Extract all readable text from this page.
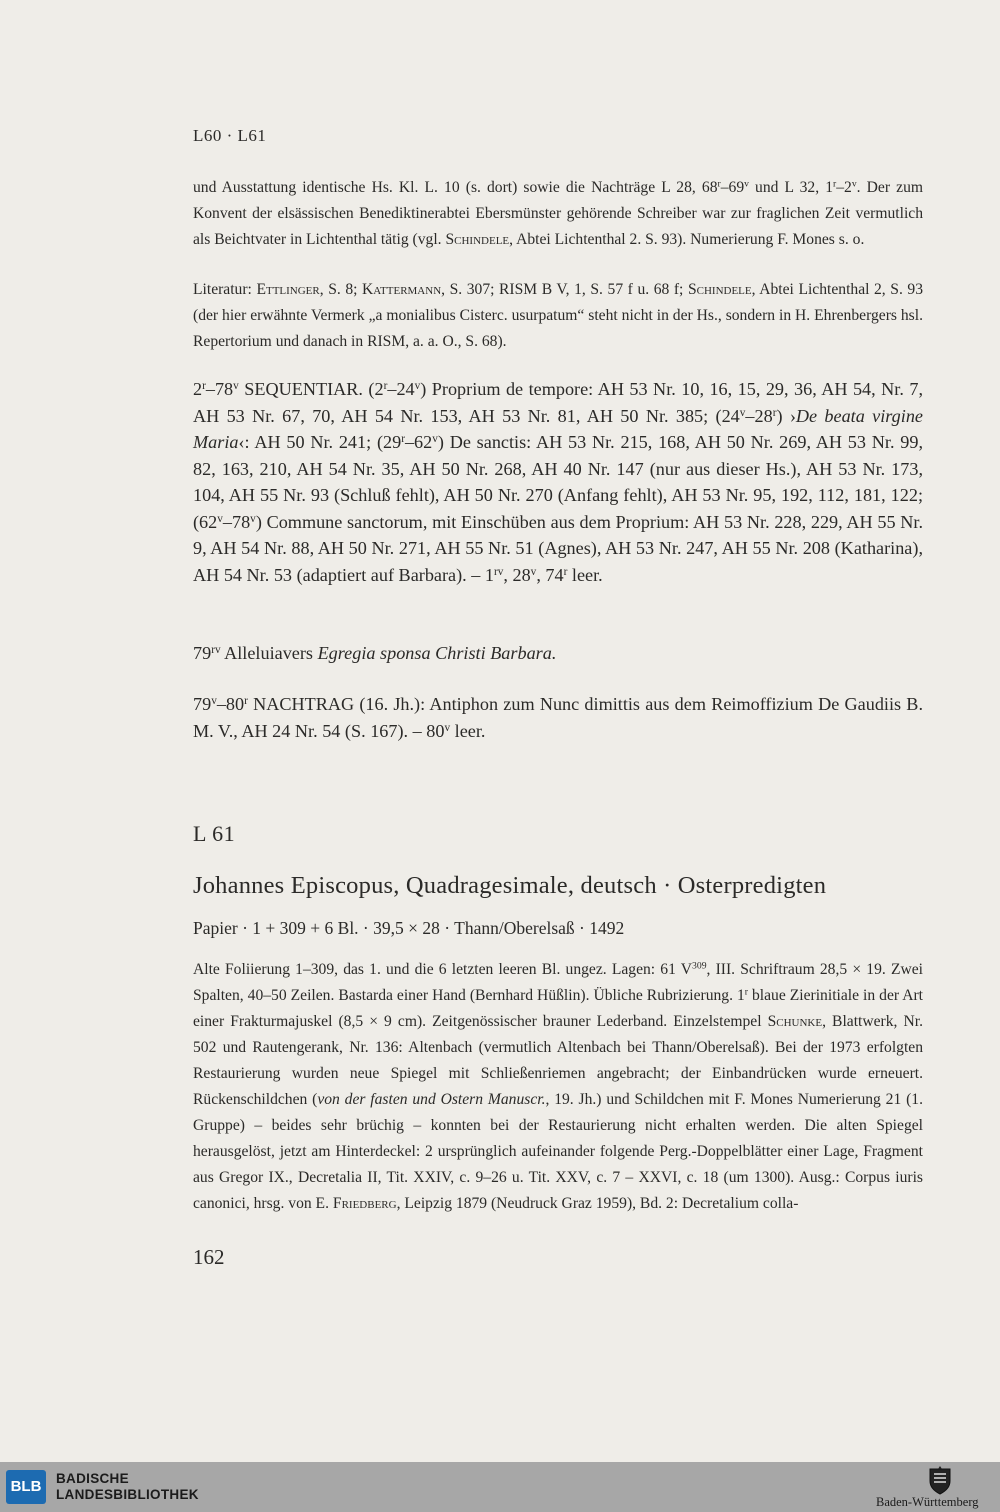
L60 · L61

und Ausstattung identische Hs. Kl. L. 10 (s. dort) sowie die Nachträge L 28, 68$^r$–69$^v$ und L 32, 1$^r$–2$^v$. Der zum Konvent der elsässischen Benediktinerabtei Ebersmünster gehörende Schreiber war zur fraglichen Zeit vermutlich als Beichtvater in Lichtenthal tätig (vgl. Schindele, Abtei Lichtenthal 2. S. 93). Numerierung F. Mones s. o.

Literatur: Ettlinger, S. 8; Kattermann, S. 307; RISM B V, 1, S. 57 f u. 68 f; Schindele, Abtei Lichtenthal 2, S. 93 (der hier erwähnte Vermerk „a monialibus Cisterc. usurpatum“ steht nicht in der Hs., sondern in H. Ehrenbergers hsl. Repertorium und danach in RISM, a. a. O., S. 68).

2$^r$–78$^v$ SEQUENTIAR. (2$^r$–24$^v$) Proprium de tempore: AH 53 Nr. 10, 16, 15, 29, 36, AH 54, Nr. 7, AH 53 Nr. 67, 70, AH 54 Nr. 153, AH 53 Nr. 81, AH 50 Nr. 385; (24$^v$–28$^r$) ›De beata virgine Maria‹: AH 50 Nr. 241; (29$^r$–62$^v$) De sanctis: AH 53 Nr. 215, 168, AH 50 Nr. 269, AH 53 Nr. 99, 82, 163, 210, AH 54 Nr. 35, AH 50 Nr. 268, AH 40 Nr. 147 (nur aus dieser Hs.), AH 53 Nr. 173, 104, AH 55 Nr. 93 (Schluß fehlt), AH 50 Nr. 270 (Anfang fehlt), AH 53 Nr. 95, 192, 112, 181, 122; (62$^v$–78$^v$) Commune sanctorum, mit Einschüben aus dem Proprium: AH 53 Nr. 228, 229, AH 55 Nr. 9, AH 54 Nr. 88, AH 50 Nr. 271, AH 55 Nr. 51 (Agnes), AH 53 Nr. 247, AH 55 Nr. 208 (Katharina), AH 54 Nr. 53 (adaptiert auf Barbara). – $1^{rv}$, 28$^v$, 74$^r$ leer.

$79^{rv}$ Alleluiavers Egregia sponsa Christi Barbara.

79$^v$–80$^r$ NACHTRAG (16. Jh.): Antiphon zum Nunc dimittis aus dem Reimoffizium De Gaudiis B. M. V., AH 24 Nr. 54 (S. 167). – 80$^v$ leer.

L 61
Johannes Episcopus, Quadragesimale, deutsch · Osterpredigten
Papier · 1 + 309 + 6 Bl. · 39,5 × 28 · Thann/Oberelsaß · 1492

Alte Foliierung 1–309, das 1. und die 6 letzten leeren Bl. ungez. Lagen: 61 $V^{309}$, III. Schriftraum 28,5 × 19. Zwei Spalten, 40–50 Zeilen. Bastarda einer Hand (Bernhard Hüßlin). Übliche Rubrizierung. 1$^r$ blaue Zierinitiale in der Art einer Frakturmajuskel (8,5 × 9 cm). Zeitgenössischer brauner Lederband. Einzelstempel Schunke, Blattwerk, Nr. 502 und Rautengerank, Nr. 136: Altenbach (vermutlich Altenbach bei Thann/Oberelsaß). Bei der 1973 erfolgten Restaurierung wurden neue Spiegel mit Schließenriemen angebracht; der Einbandrücken wurde erneuert. Rückenschildchen (von der fasten und Ostern Manuscr., 19. Jh.) und Schildchen mit F. Mones Numerierung 21 (1. Gruppe) – beides sehr brüchig – konnten bei der Restaurierung nicht erhalten werden. Die alten Spiegel herausgelöst, jetzt am Hinterdeckel: 2 ursprünglich aufeinander folgende Perg.-Doppelblätter einer Lage, Fragment aus Gregor IX., Decretalia II, Tit. XXIV, c. 9–26 u. Tit. XXV, c. 7 – XXVI, c. 18 (um 1300). Ausg.: Corpus iuris canonici, hrsg. von E. Friedberg, Leipzig 1879 (Neudruck Graz 1959), Bd. 2: Decretalium colla-

162
BLB	BADISCHE
LANDESBIBLIOTHEK	Baden-Württemberg
